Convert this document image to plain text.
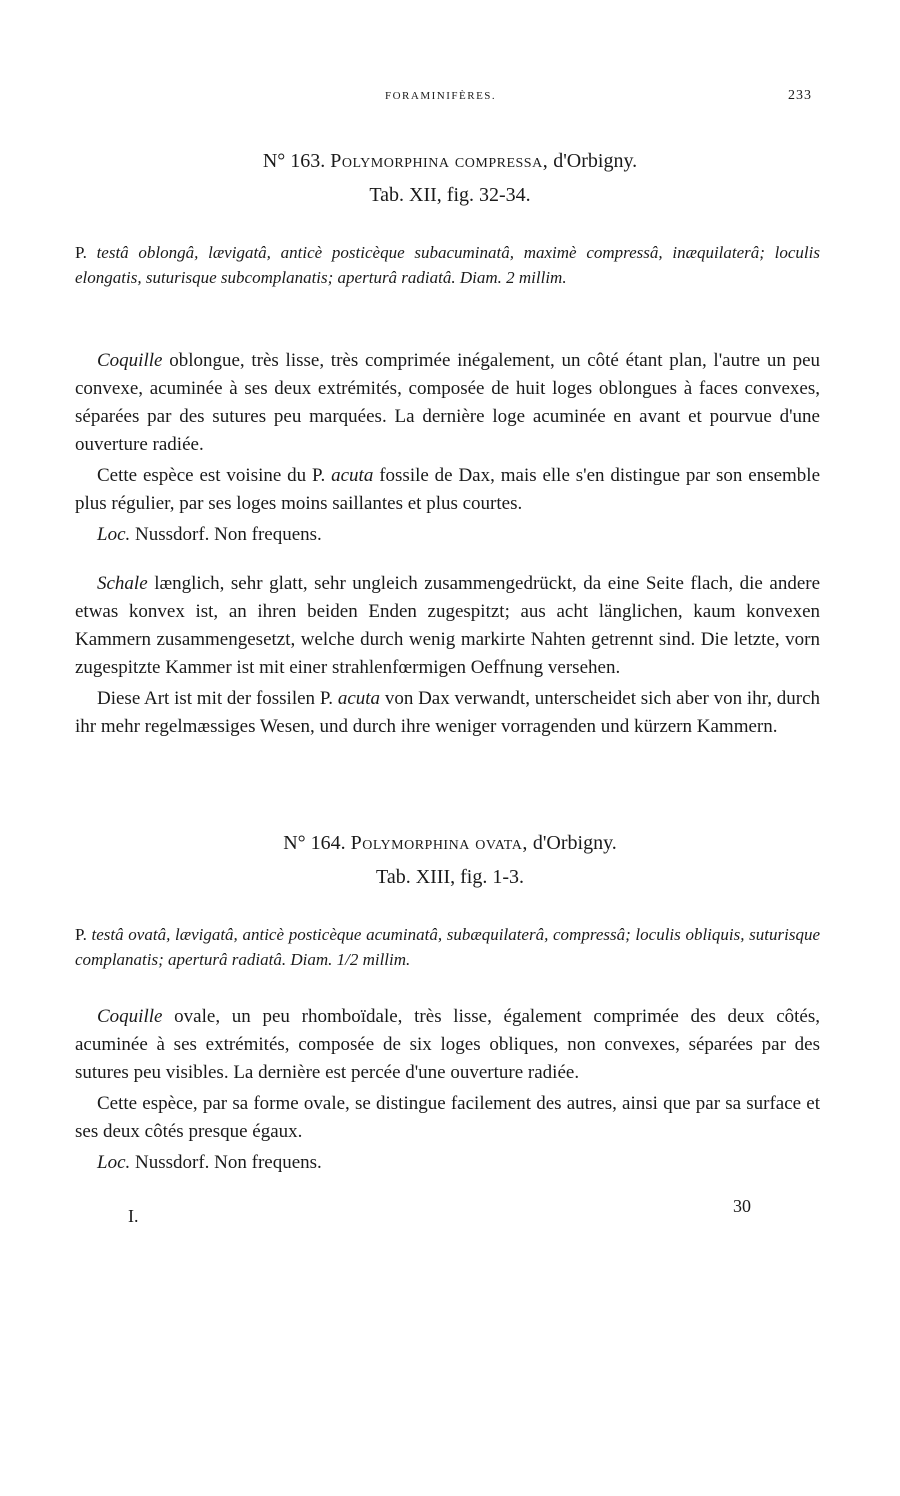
FORAMINIFÈRES.	233
N° 163. Polymorphina compressa, d'Orbigny.
Tab. XII, fig. 32-34.
P. testâ oblongâ, lævigatâ, anticè posticèque subacuminatâ, maximè compressâ, inæquilaterâ; loculis elongatis, suturisque subcomplanatis; aperturâ radiatâ. Diam. 2 millim.

Coquille oblongue, très lisse, très comprimée inégalement, un côté étant plan, l'autre un peu convexe, acuminée à ses deux extrémités, composée de huit loges oblongues à faces convexes, séparées par des sutures peu marquées. La dernière loge acuminée en avant et pourvue d'une ouverture radiée.

Cette espèce est voisine du P. acuta fossile de Dax, mais elle s'en distingue par son ensemble plus régulier, par ses loges moins saillantes et plus courtes.

Loc. Nussdorf. Non frequens.

Schale længlich, sehr glatt, sehr ungleich zusammengedrückt, da eine Seite flach, die andere etwas konvex ist, an ihren beiden Enden zugespitzt; aus acht länglichen, kaum konvexen Kammern zusammengesetzt, welche durch wenig markirte Nahten getrennt sind. Die letzte, vorn zugespitzte Kammer ist mit einer strahlenfœrmigen Oeffnung versehen.

Diese Art ist mit der fossilen P. acuta von Dax verwandt, unterscheidet sich aber von ihr, durch ihr mehr regelmæssiges Wesen, und durch ihre weniger vorragenden und kürzern Kammern.

N° 164. Polymorphina ovata, d'Orbigny.
Tab. XIII, fig. 1-3.
P. testâ ovatâ, lævigatâ, anticè posticèque acuminatâ, subæquilaterâ, compressâ; loculis obliquis, suturisque complanatis; aperturâ radiatâ. Diam. 1/2 millim.

Coquille ovale, un peu rhomboïdale, très lisse, également comprimée des deux côtés, acuminée à ses extrémités, composée de six loges obliques, non convexes, séparées par des sutures peu visibles. La dernière est percée d'une ouverture radiée.

Cette espèce, par sa forme ovale, se distingue facilement des autres, ainsi que par sa surface et ses deux côtés presque égaux.

Loc. Nussdorf. Non frequens.

I.	30
